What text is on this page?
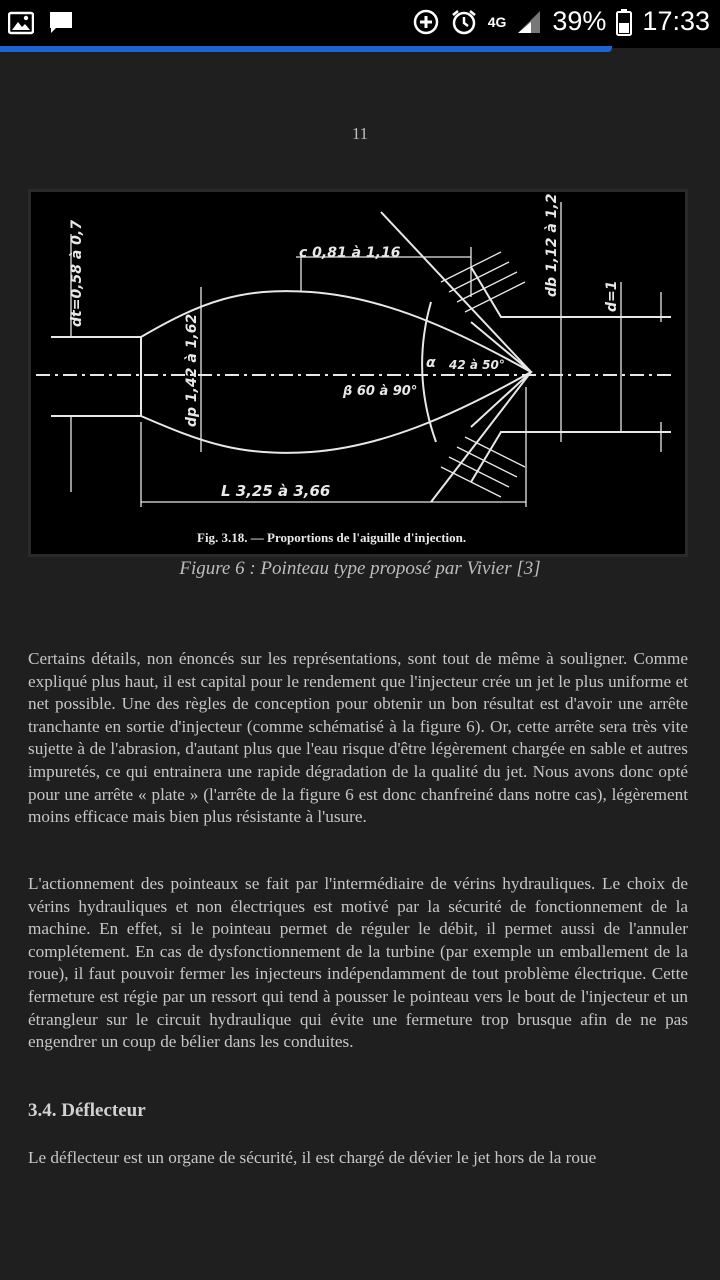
4G 39% 17:33
11
c 0,81 à 1,16
dt=0,58 à 0,7	db 1,12 à 1,27	d=1
dp 1,42 à 1,62	α 42 à 50°
β 60 à 90°
L 3,25 à 3,66
Fig. 3.18. — Proportions de l'aiguille d'injection.
Figure 6 : Pointeau type proposé par Vivier [3]

Certains détails, non énoncés sur les représentations, sont tout de même à souligner. Comme expliqué plus haut, il est capital pour le rendement que l'injecteur crée un jet le plus uniforme et net possible. Une des règles de conception pour obtenir un bon résultat est d'avoir une arrête tranchante en sortie d'injecteur (comme schématisé à la figure 6). Or, cette arrête sera très vite sujette à de l'abrasion, d'autant plus que l'eau risque d'être légèrement chargée en sable et autres impuretés, ce qui entrainera une rapide dégradation de la qualité du jet. Nous avons donc opté pour une arrête « plate » (l'arrête de la figure 6 est donc chanfreiné dans notre cas), légèrement moins efficace mais bien plus résistante à l'usure.

L'actionnement des pointeaux se fait par l'intermédiaire de vérins hydrauliques. Le choix de vérins hydrauliques et non électriques est motivé par la sécurité de fonctionnement de la machine. En effet, si le pointeau permet de réguler le débit, il permet aussi de l'annuler complétement. En cas de dysfonctionnement de la turbine (par exemple un emballement de la roue), il faut pouvoir fermer les injecteurs indépendamment de tout problème électrique. Cette fermeture est régie par un ressort qui tend à pousser le pointeau vers le bout de l'injecteur et un étrangleur sur le circuit hydraulique qui évite une fermeture trop brusque afin de ne pas engendrer un coup de bélier dans les conduites.

3.4. Déflecteur

Le déflecteur est un organe de sécurité, il est chargé de dévier le jet hors de la roue
